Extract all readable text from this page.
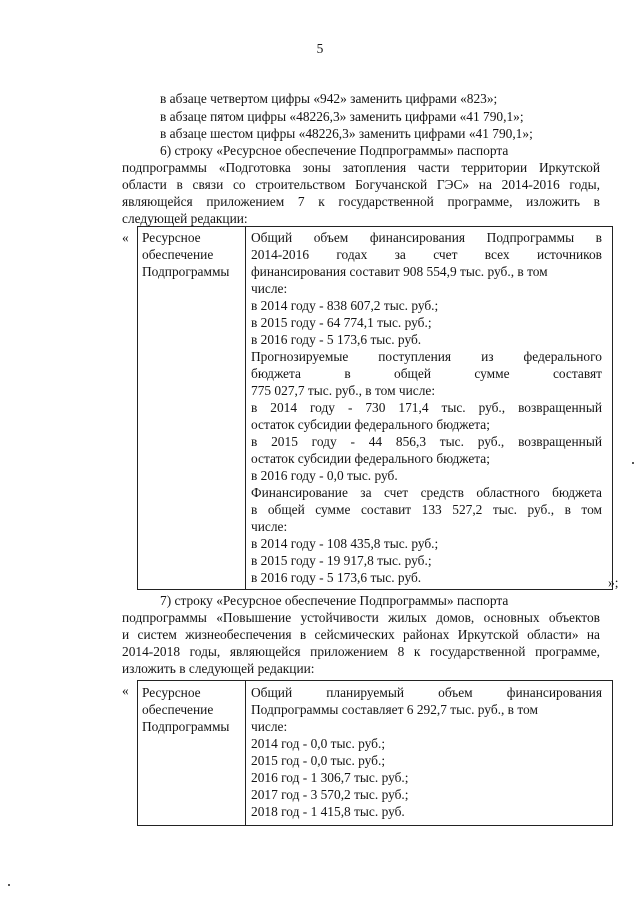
5
в абзаце четвертом цифры «942» заменить цифрами «823»;
в абзаце пятом цифры «48226,3» заменить цифрами «41 790,1»;
в абзаце шестом цифры «48226,3» заменить цифрами «41 790,1»;
6) строку «Ресурсное обеспечение Подпрограммы» паспорта
подпрограммы «Подготовка зоны затопления части территории Иркутской
области в связи со строительством Богучанской ГЭС» на 2014-2016 годы,
являющейся приложением 7 к государственной программе, изложить в
следующей редакции:
« Ресурсное
обеспечение
Подпрограммы
Общий объем финансирования Подпрограммы в
2014-2016 годах за счет всех источников
финансирования составит 908 554,9 тыс. руб., в том
числе:
в 2014 году - 838 607,2 тыс. руб.;
в 2015 году - 64 774,1 тыс. руб.;
в 2016 году - 5 173,6 тыс. руб.
Прогнозируемые поступления из федерального
бюджета в общей сумме составят
775 027,7 тыс. руб., в том числе:
в 2014 году - 730 171,4 тыс. руб., возвращенный
остаток субсидии федерального бюджета;
в 2015 году - 44 856,3 тыс. руб., возвращенный
остаток субсидии федерального бюджета;
в 2016 году - 0,0 тыс. руб.
Финансирование за счет средств областного бюджета
в общей сумме составит 133 527,2 тыс. руб., в том
числе:
в 2014 году - 108 435,8 тыс. руб.;
в 2015 году - 19 917,8 тыс. руб.;
в 2016 году - 5 173,6 тыс. руб.	»;
7) строку «Ресурсное обеспечение Подпрограммы» паспорта
подпрограммы «Повышение устойчивости жилых домов, основных объектов
и систем жизнеобеспечения в сейсмических районах Иркутской области» на
2014-2018 годы, являющейся приложением 8 к государственной программе,
изложить в следующей редакции:
« Ресурсное
обеспечение
Подпрограммы
Общий планируемый объем финансирования
Подпрограммы составляет 6 292,7 тыс. руб., в том
числе:
2014 год - 0,0 тыс. руб.;
2015 год - 0,0 тыс. руб.;
2016 год - 1 306,7 тыс. руб.;
2017 год - 3 570,2 тыс. руб.;
2018 год - 1 415,8 тыс. руб.
